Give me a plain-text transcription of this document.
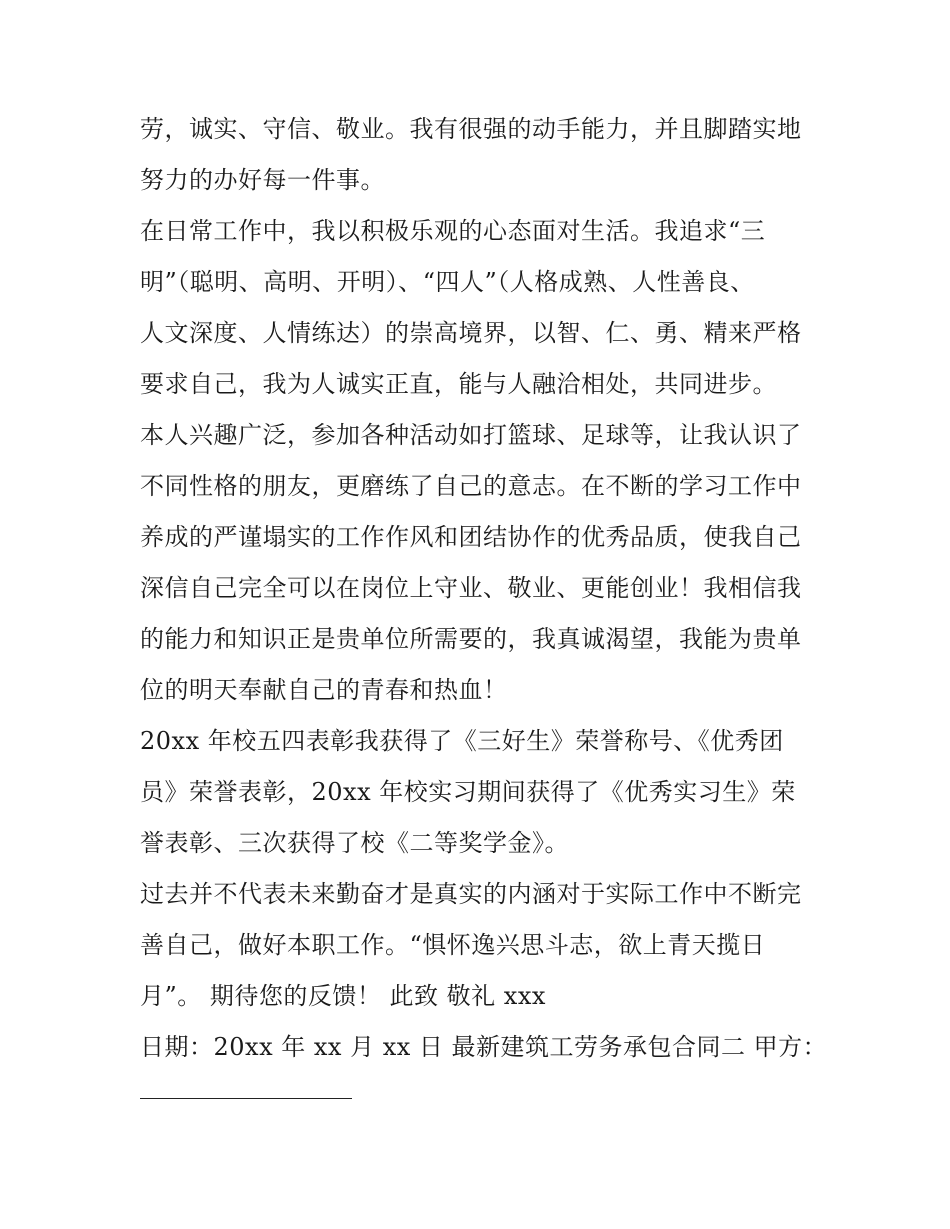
劳，诚实、守信、敬业。我有很强的动手能力，并且脚踏实地
努力的办好每一件事。
在日常工作中，我以积极乐观的心态面对生活。我追求“三
明”（聪明、高明、开明）、“四人”（人格成熟、人性善良、
人文深度、人情练达）的崇高境界，以智、仁、勇、精来严格
要求自己，我为人诚实正直，能与人融洽相处，共同进步。
本人兴趣广泛，参加各种活动如打篮球、足球等，让我认识了
不同性格的朋友，更磨练了自己的意志。在不断的学习工作中
养成的严谨塌实的工作作风和团结协作的优秀品质，使我自己
深信自己完全可以在岗位上守业、敬业、更能创业！我相信我
的能力和知识正是贵单位所需要的，我真诚渴望，我能为贵单
位的明天奉献自己的青春和热血！
20xx 年校五四表彰我获得了《三好生》荣誉称号、《优秀团
员》荣誉表彰，20xx 年校实习期间获得了《优秀实习生》荣
誉表彰、三次获得了校《二等奖学金》。
过去并不代表未来勤奋才是真实的内涵对于实际工作中不断完
善自己，做好本职工作。“惧怀逸兴思斗志，欲上青天揽日
月”。 期待您的反馈！ 此致 敬礼 xxx
日期：20xx 年 xx 月 xx 日 最新建筑工劳务承包合同二 甲方：
